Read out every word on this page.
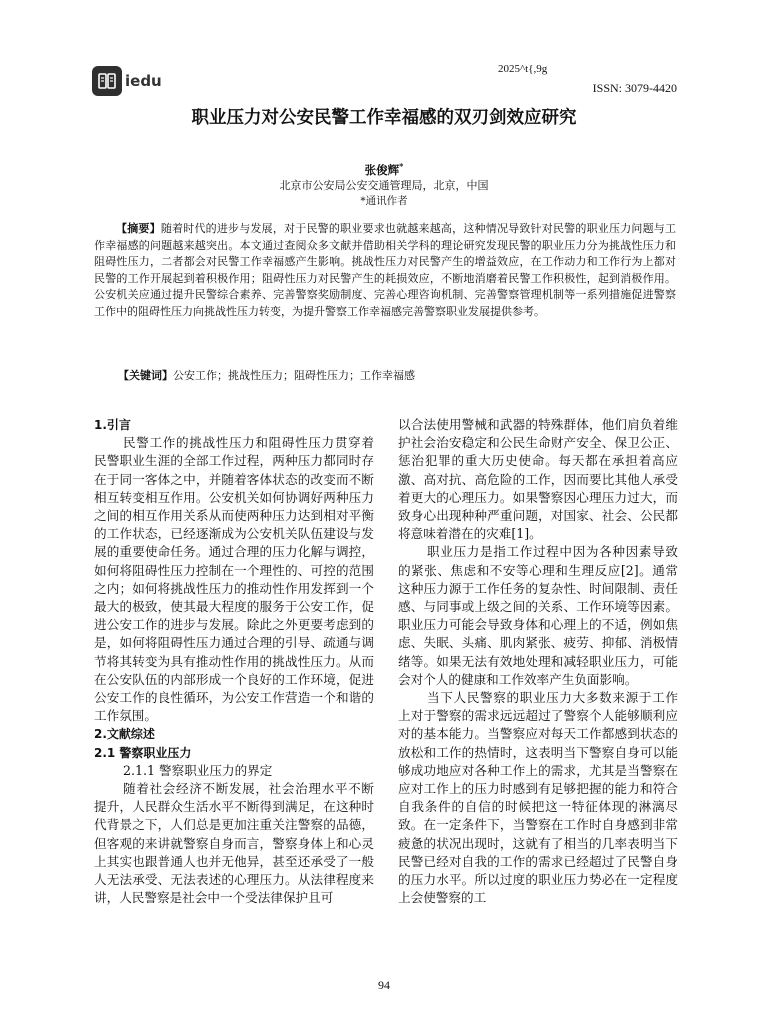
iedu
2025^t{,9g
ISSN: 3079-4420
职业压力对公安民警工作幸福感的双刃剑效应研究
张俊辉*
北京市公安局公安交通管理局，北京，中国
*通讯作者
【摘要】随着时代的进步与发展，对于民警的职业要求也就越来越高，这种情况导致针对民警的职业压力问题与工作幸福感的问题越来越突出。本文通过查阅众多文献并借助相关学科的理论研究发现民警的职业压力分为挑战性压力和阻碍性压力，二者都会对民警工作幸福感产生影响。挑战性压力对民警产生的增益效应，在工作动力和工作行为上都对民警的工作开展起到着积极作用；阻碍性压力对民警产生的耗损效应，不断地消磨着民警工作积极性，起到消极作用。公安机关应通过提升民警综合素养、完善警察奖励制度、完善心理咨询机制、完善警察管理机制等一系列措施促进警察工作中的阻碍性压力向挑战性压力转变，为提升警察工作幸福感完善警察职业发展提供参考。
【关键词】公安工作；挑战性压力；阻碍性压力；工作幸福感

1.引言

民警工作的挑战性压力和阻碍性压力贯穿着民警职业生涯的全部工作过程，两种压力都同时存在于同一客体之中，并随着客体状态的改变而不断相互转变相互作用。公安机关如何协调好两种压力之间的相互作用关系从而使两种压力达到相对平衡的工作状态，已经逐渐成为公安机关队伍建设与发展的重要使命任务。通过合理的压力化解与调控，如何将阻碍性压力控制在一个理性的、可控的范围之内；如何将挑战性压力的推动性作用发挥到一个最大的极致，使其最大程度的服务于公安工作，促进公安工作的进步与发展。除此之外更要考虑到的是，如何将阻碍性压力通过合理的引导、疏通与调节将其转变为具有推动性作用的挑战性压力。从而在公安队伍的内部形成一个良好的工作环境，促进公安工作的良性循环，为公安工作营造一个和谐的工作氛围。

2.文献综述

2.1 警察职业压力

2.1.1 警察职业压力的界定

随着社会经济不断发展，社会治理水平不断提升，人民群众生活水平不断得到满足，在这种时代背景之下，人们总是更加注重关注警察的品德，但客观的来讲就警察自身而言，警察身体上和心灵上其实也跟普通人也并无他异，甚至还承受了一般人无法承受、无法表述的心理压力。从法律程度来讲，人民警察是社会中一个受法律保护且可

以合法使用警械和武器的特殊群体，他们肩负着维护社会治安稳定和公民生命财产安全、保卫公正、惩治犯罪的重大历史使命。每天都在承担着高应激、高对抗、高危险的工作，因而要比其他人承受着更大的心理压力。如果警察因心理压力过大，而致身心出现种种严重问题，对国家、社会、公民都将意味着潜在的灾难[1]。

职业压力是指工作过程中因为各种因素导致的紧张、焦虑和不安等心理和生理反应[2]。通常这种压力源于工作任务的复杂性、时间限制、责任感、与同事或上级之间的关系、工作环境等因素。职业压力可能会导致身体和心理上的不适，例如焦虑、失眠、头痛、肌肉紧张、疲劳、抑郁、消极情绪等。如果无法有效地处理和减轻职业压力，可能会对个人的健康和工作效率产生负面影响。

当下人民警察的职业压力大多数来源于工作上对于警察的需求远远超过了警察个人能够顺利应对的基本能力。当警察应对每天工作都感到状态的放松和工作的热情时，这表明当下警察自身可以能够成功地应对各种工作上的需求，尤其是当警察在应对工作上的压力时感到有足够把握的能力和符合自我条件的自信的时候把这一特征体现的淋漓尽致。在一定条件下，当警察在工作时自身感到非常疲惫的状况出现时，这就有了相当的几率表明当下民警已经对自我的工作的需求已经超过了民警自身的压力水平。所以过度的职业压力势必在一定程度上会使警察的工

94
